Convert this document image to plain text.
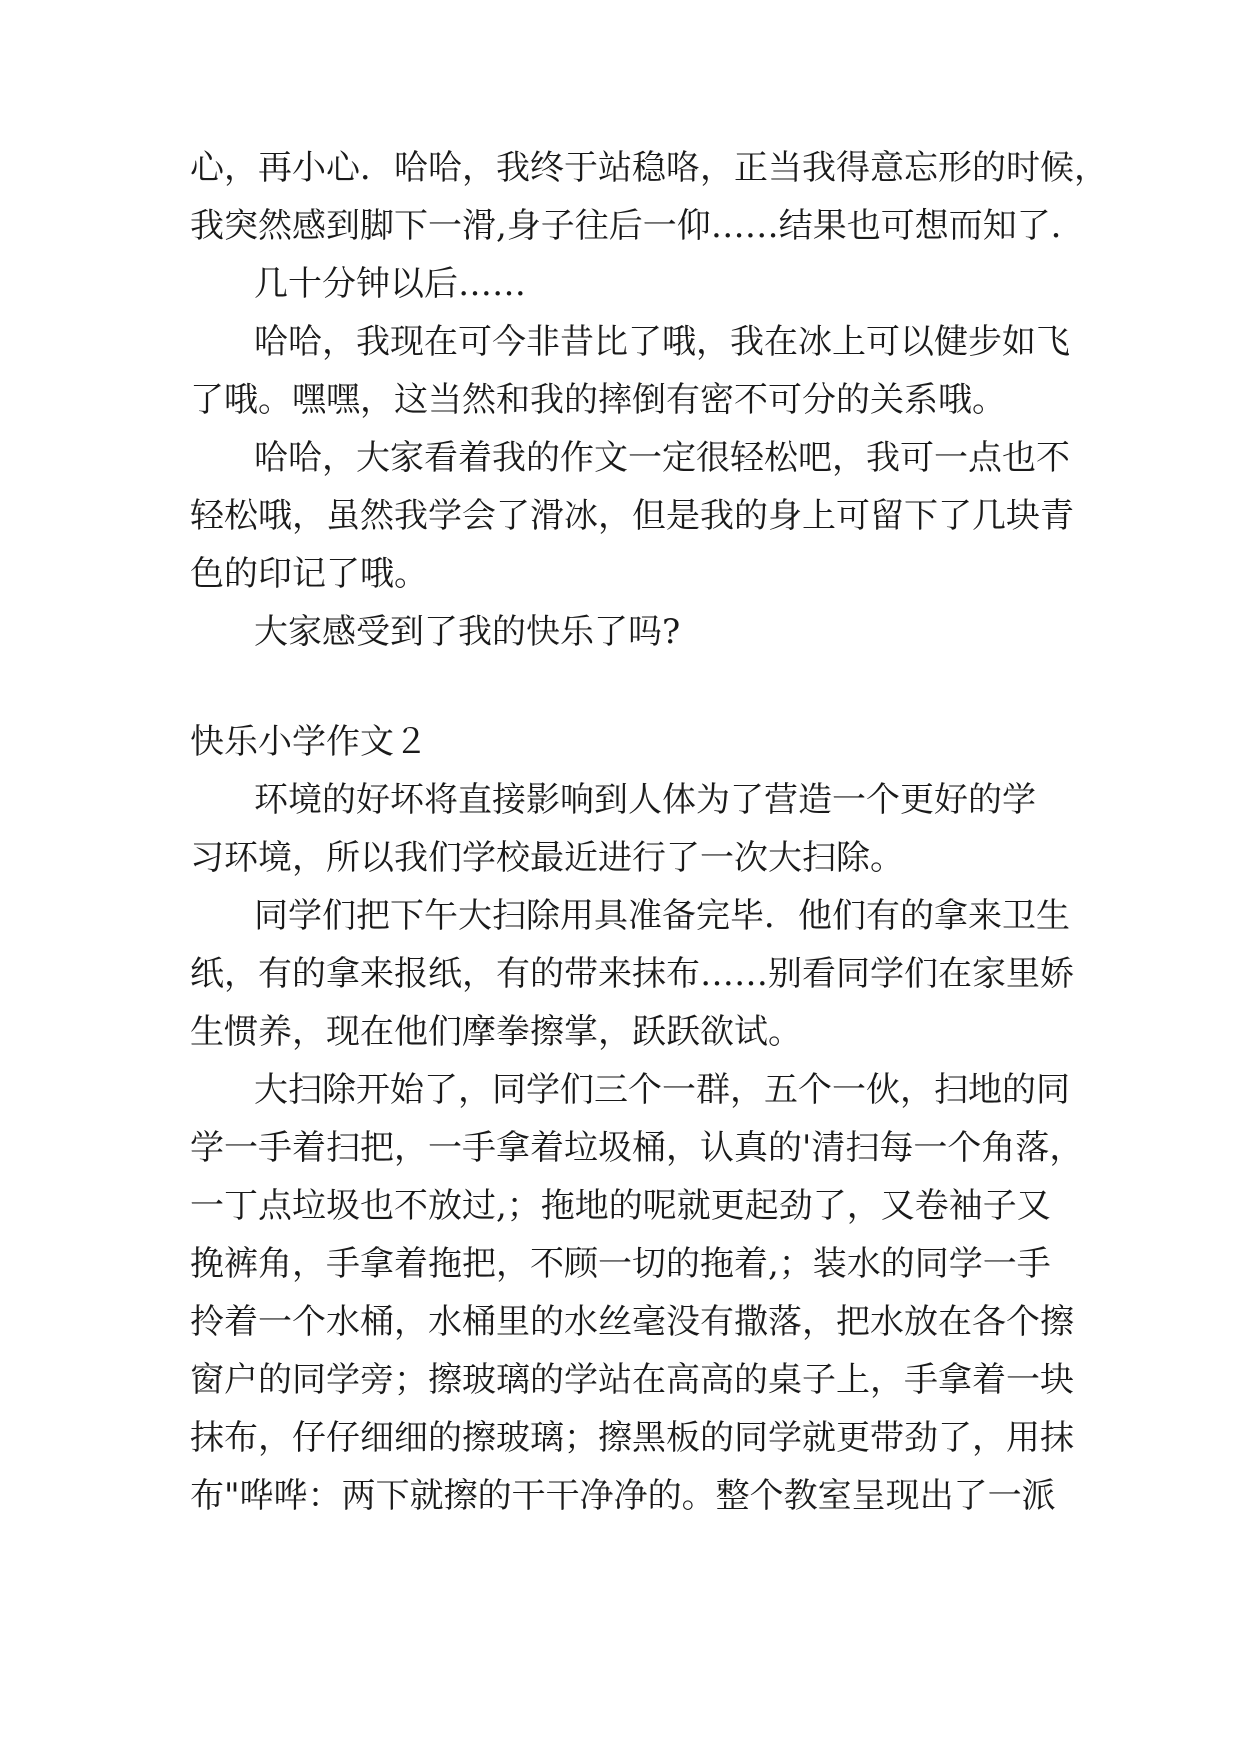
心，再小心．哈哈，我终于站稳咯，正当我得意忘形的时候，

我突然感到脚下一滑,身子往后一仰……结果也可想而知了．

几十分钟以后……

哈哈，我现在可今非昔比了哦，我在冰上可以健步如飞

了哦。嘿嘿，这当然和我的摔倒有密不可分的关系哦。

哈哈，大家看着我的作文一定很轻松吧，我可一点也不

轻松哦，虽然我学会了滑冰，但是我的身上可留下了几块青

色的印记了哦。

大家感受到了我的快乐了吗?

快乐小学作文２

环境的好坏将直接影响到人体为了营造一个更好的学

习环境，所以我们学校最近进行了一次大扫除。

同学们把下午大扫除用具准备完毕．他们有的拿来卫生

纸，有的拿来报纸，有的带来抹布……别看同学们在家里娇

生惯养，现在他们摩拳擦掌，跃跃欲试。

大扫除开始了，同学们三个一群，五个一伙，扫地的同

学一手着扫把，一手拿着垃圾桶，认真的'清扫每一个角落，

一丁点垃圾也不放过,；拖地的呢就更起劲了，又卷袖子又

挽裤角，手拿着拖把，不顾一切的拖着,；装水的同学一手

拎着一个水桶，水桶里的水丝毫没有撒落，把水放在各个擦

窗户的同学旁；擦玻璃的学站在高高的桌子上，手拿着一块

抹布，仔仔细细的擦玻璃；擦黑板的同学就更带劲了，用抹

布"哗哗：两下就擦的干干净净的。整个教室呈现出了一派
